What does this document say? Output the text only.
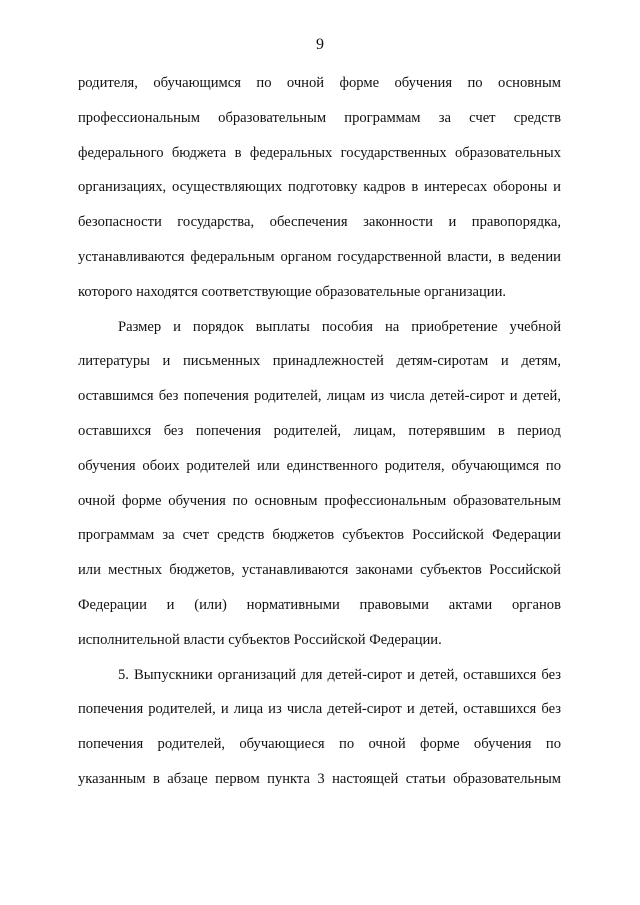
9
родителя, обучающимся по очной форме обучения по основным
профессиональным образовательным программам за счет средств
федерального бюджета в федеральных государственных образовательных
организациях, осуществляющих подготовку кадров в интересах обороны и
безопасности государства, обеспечения законности и правопорядка,
устанавливаются федеральным органом государственной власти, в ведении
которого находятся соответствующие образовательные организации.
Размер и порядок выплаты пособия на приобретение учебной
литературы и письменных принадлежностей детям-сиротам и детям,
оставшимся без попечения родителей, лицам из числа детей-сирот и детей,
оставшихся без попечения родителей, лицам, потерявшим в период
обучения обоих родителей или единственного родителя, обучающимся по
очной форме обучения по основным профессиональным образовательным
программам за счет средств бюджетов субъектов Российской Федерации
или местных бюджетов, устанавливаются законами субъектов Российской
Федерации и (или) нормативными правовыми актами органов
исполнительной власти субъектов Российской Федерации.
5. Выпускники организаций для детей-сирот и детей, оставшихся без
попечения родителей, и лица из числа детей-сирот и детей, оставшихся без
попечения родителей, обучающиеся по очной форме обучения по
указанным в абзаце первом пункта 3 настоящей статьи образовательным
